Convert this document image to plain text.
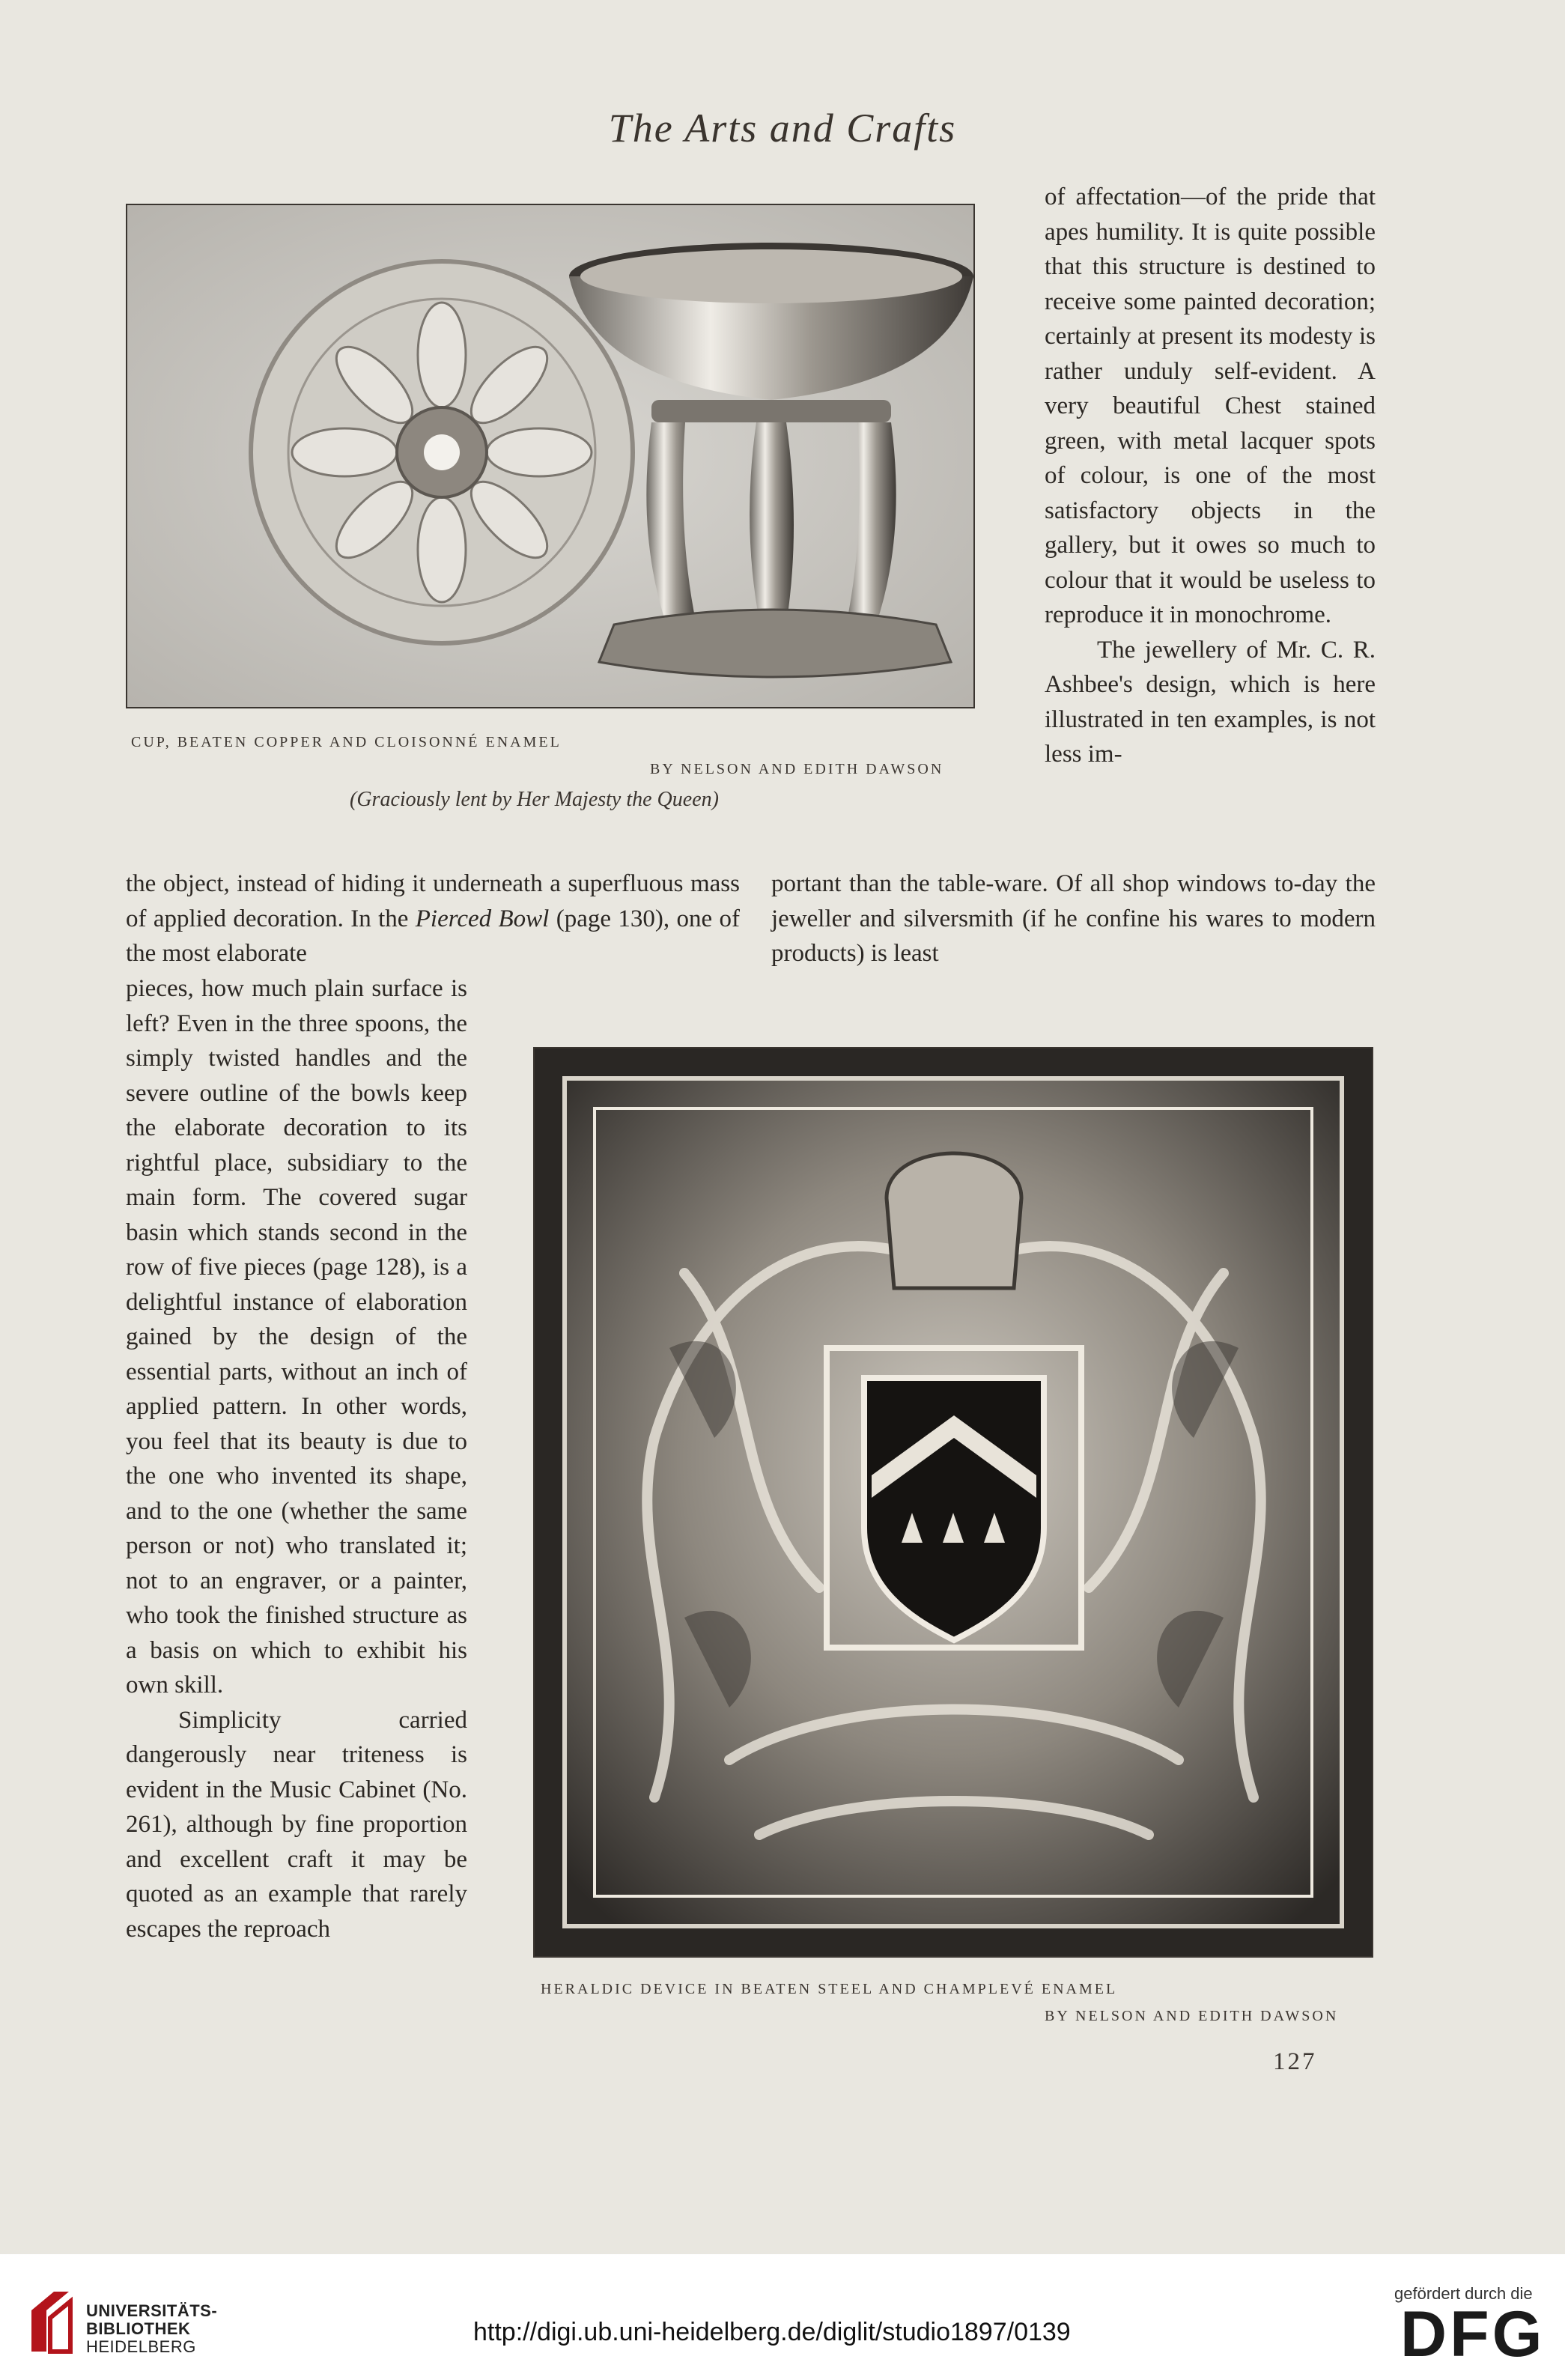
The Arts and Crafts
CUP, BEATEN COPPER AND CLOISONNÉ ENAMEL
BY NELSON AND EDITH DAWSON
(Graciously lent by Her Majesty the Queen)

of affectation—of the pride that apes humility. It is quite possible that this structure is destined to receive some painted decoration; certainly at present its modesty is rather unduly self-evident. A very beautiful Chest stained green, with metal lacquer spots of colour, is one of the most satisfactory objects in the gallery, but it owes so much to colour that it would be useless to reproduce it in monochrome.

The jewellery of Mr. C. R. Ashbee's design, which is here illustrated in ten examples, is not less im-

the object, instead of hiding it underneath a superfluous mass of applied decoration. In the Pierced Bowl (page 130), one of the most elaborate

portant than the table-ware. Of all shop windows to-day the jeweller and silversmith (if he confine his wares to modern products) is least

pieces, how much plain surface is left? Even in the three spoons, the simply twisted handles and the severe outline of the bowls keep the elaborate decoration to its rightful place, subsidiary to the main form. The covered sugar basin which stands second in the row of five pieces (page 128), is a delightful instance of elaboration gained by the design of the essential parts, without an inch of applied pattern. In other words, you feel that its beauty is due to the one who invented its shape, and to the one (whether the same person or not) who translated it; not to an engraver, or a painter, who took the finished structure as a basis on which to exhibit his own skill.

Simplicity carried dangerously near triteness is evident in the Music Cabinet (No. 261), although by fine proportion and excellent craft it may be quoted as an example that rarely escapes the reproach

HERALDIC DEVICE IN BEATEN STEEL AND CHAMPLEVÉ ENAMEL
BY NELSON AND EDITH DAWSON
127
UNIVERSITÄTS-
BIBLIOTHEK
HEIDELBERG
http://digi.ub.uni-heidelberg.de/diglit/studio1897/0139
gefördert durch die
DFG
